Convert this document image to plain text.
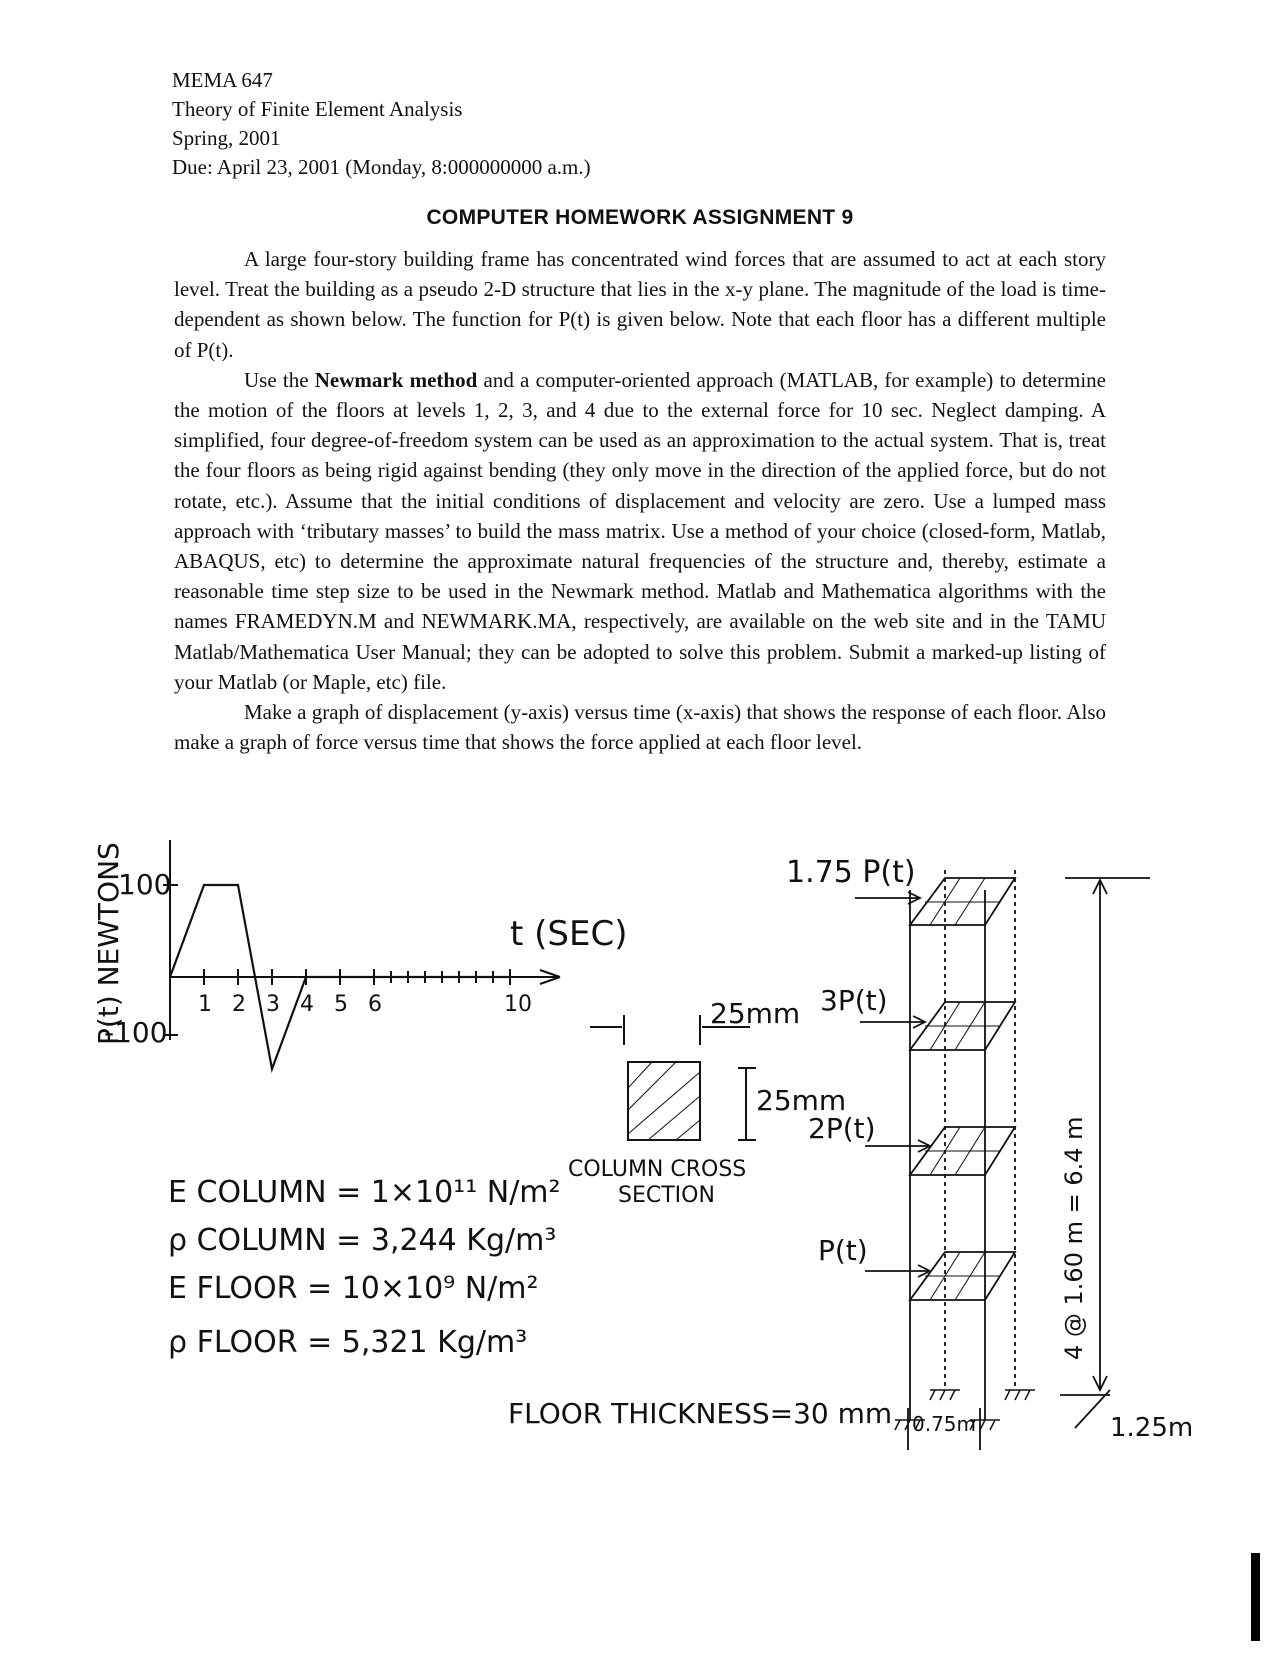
MEMA 647
Theory of Finite Element Analysis
Spring, 2001
Due: April 23, 2001 (Monday, 8:000000000 a.m.)
COMPUTER HOMEWORK ASSIGNMENT 9

A large four-story building frame has concentrated wind forces that are assumed to act at each story level. Treat the building as a pseudo 2-D structure that lies in the x-y plane. The magnitude of the load is time-dependent as shown below. The function for P(t) is given below. Note that each floor has a different multiple of P(t).

Use the Newmark method and a computer-oriented approach (MATLAB, for example) to determine the motion of the floors at levels 1, 2, 3, and 4 due to the external force for 10 sec. Neglect damping. A simplified, four degree-of-freedom system can be used as an approximation to the actual system. That is, treat the four floors as being rigid against bending (they only move in the direction of the applied force, but do not rotate, etc.). Assume that the initial conditions of displacement and velocity are zero. Use a lumped mass approach with ‘tributary masses’ to build the mass matrix. Use a method of your choice (closed-form, Matlab, ABAQUS, etc) to determine the approximate natural frequencies of the structure and, thereby, estimate a reasonable time step size to be used in the Newmark method. Matlab and Mathematica algorithms with the names FRAMEDYN.M and NEWMARK.MA, respectively, are available on the web site and in the TAMU Matlab/Mathematica User Manual; they can be adopted to solve this problem. Submit a marked-up listing of your Matlab (or Maple, etc) file.

Make a graph of displacement (y-axis) versus time (x-axis) that shows the response of each floor. Also make a graph of force versus time that shows the force applied at each floor level.

P(t) NEWTONS
100
-100
t (SEC)
1 2 3 4 5 6	10	25mm
25mm
COLUMN CROSS
SECTION
E COLUMN = 1×10¹¹ N/m²
ρ COLUMN = 3,244 Kg/m³
E FLOOR = 10×10⁹ N/m²
ρ FLOOR = 5,321 Kg/m³
FLOOR THICKNESS=30 mm
1.75 P(t)
3P(t)
2P(t)
P(t)	4 @ 1.60 m = 6.4 m
1.25m
0.75m
